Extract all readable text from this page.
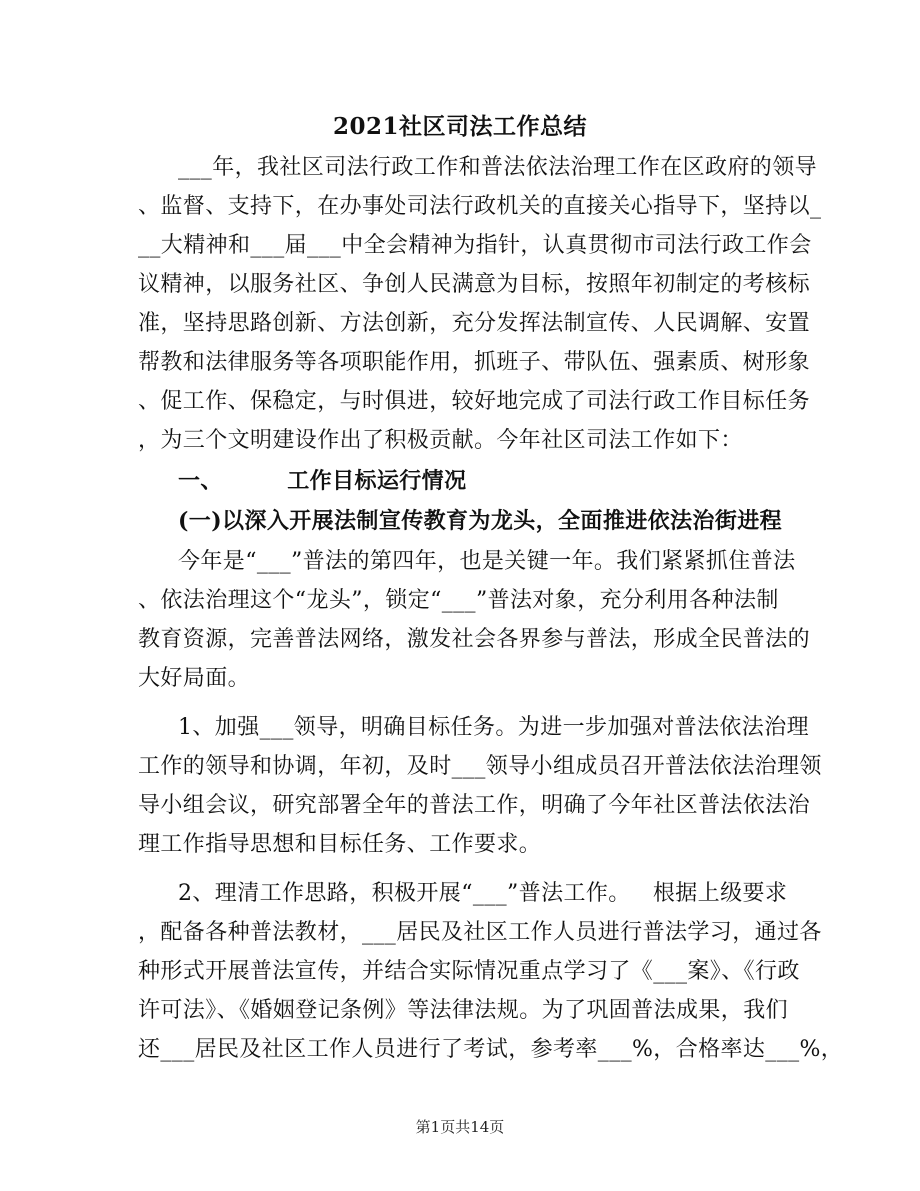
2021社区司法工作总结
___年，我社区司法行政工作和普法依法治理工作在区政府的领导
、监督、支持下，在办事处司法行政机关的直接关心指导下，坚持以_
__大精神和___届___中全会精神为指针，认真贯彻市司法行政工作会
议精神，以服务社区、争创人民满意为目标，按照年初制定的考核标
准，坚持思路创新、方法创新，充分发挥法制宣传、人民调解、安置
帮教和法律服务等各项职能作用，抓班子、带队伍、强素质、树形象
、促工作、保稳定，与时俱进，较好地完成了司法行政工作目标任务
，为三个文明建设作出了积极贡献。今年社区司法工作如下：
一、        工作目标运行情况
(一)以深入开展法制宣传教育为龙头，全面推进依法治街进程
今年是“___”普法的第四年，也是关键一年。我们紧紧抓住普法
、依法治理这个“龙头”，锁定“___”普法对象，充分利用各种法制
教育资源，完善普法网络，激发社会各界参与普法，形成全民普法的
大好局面。
1、加强___领导，明确目标任务。为进一步加强对普法依法治理
工作的领导和协调，年初，及时___领导小组成员召开普法依法治理领
导小组会议，研究部署全年的普法工作，明确了今年社区普法依法治
理工作指导思想和目标任务、工作要求。
2、理清工作思路，积极开展“___”普法工作。   根据上级要求
，配备各种普法教材，___居民及社区工作人员进行普法学习，通过各
种形式开展普法宣传，并结合实际情况重点学习了《___案》、《行政
许可法》、《婚姻登记条例》等法律法规。为了巩固普法成果，我们
还___居民及社区工作人员进行了考试，参考率___%，合格率达___%，
第1页共14页
